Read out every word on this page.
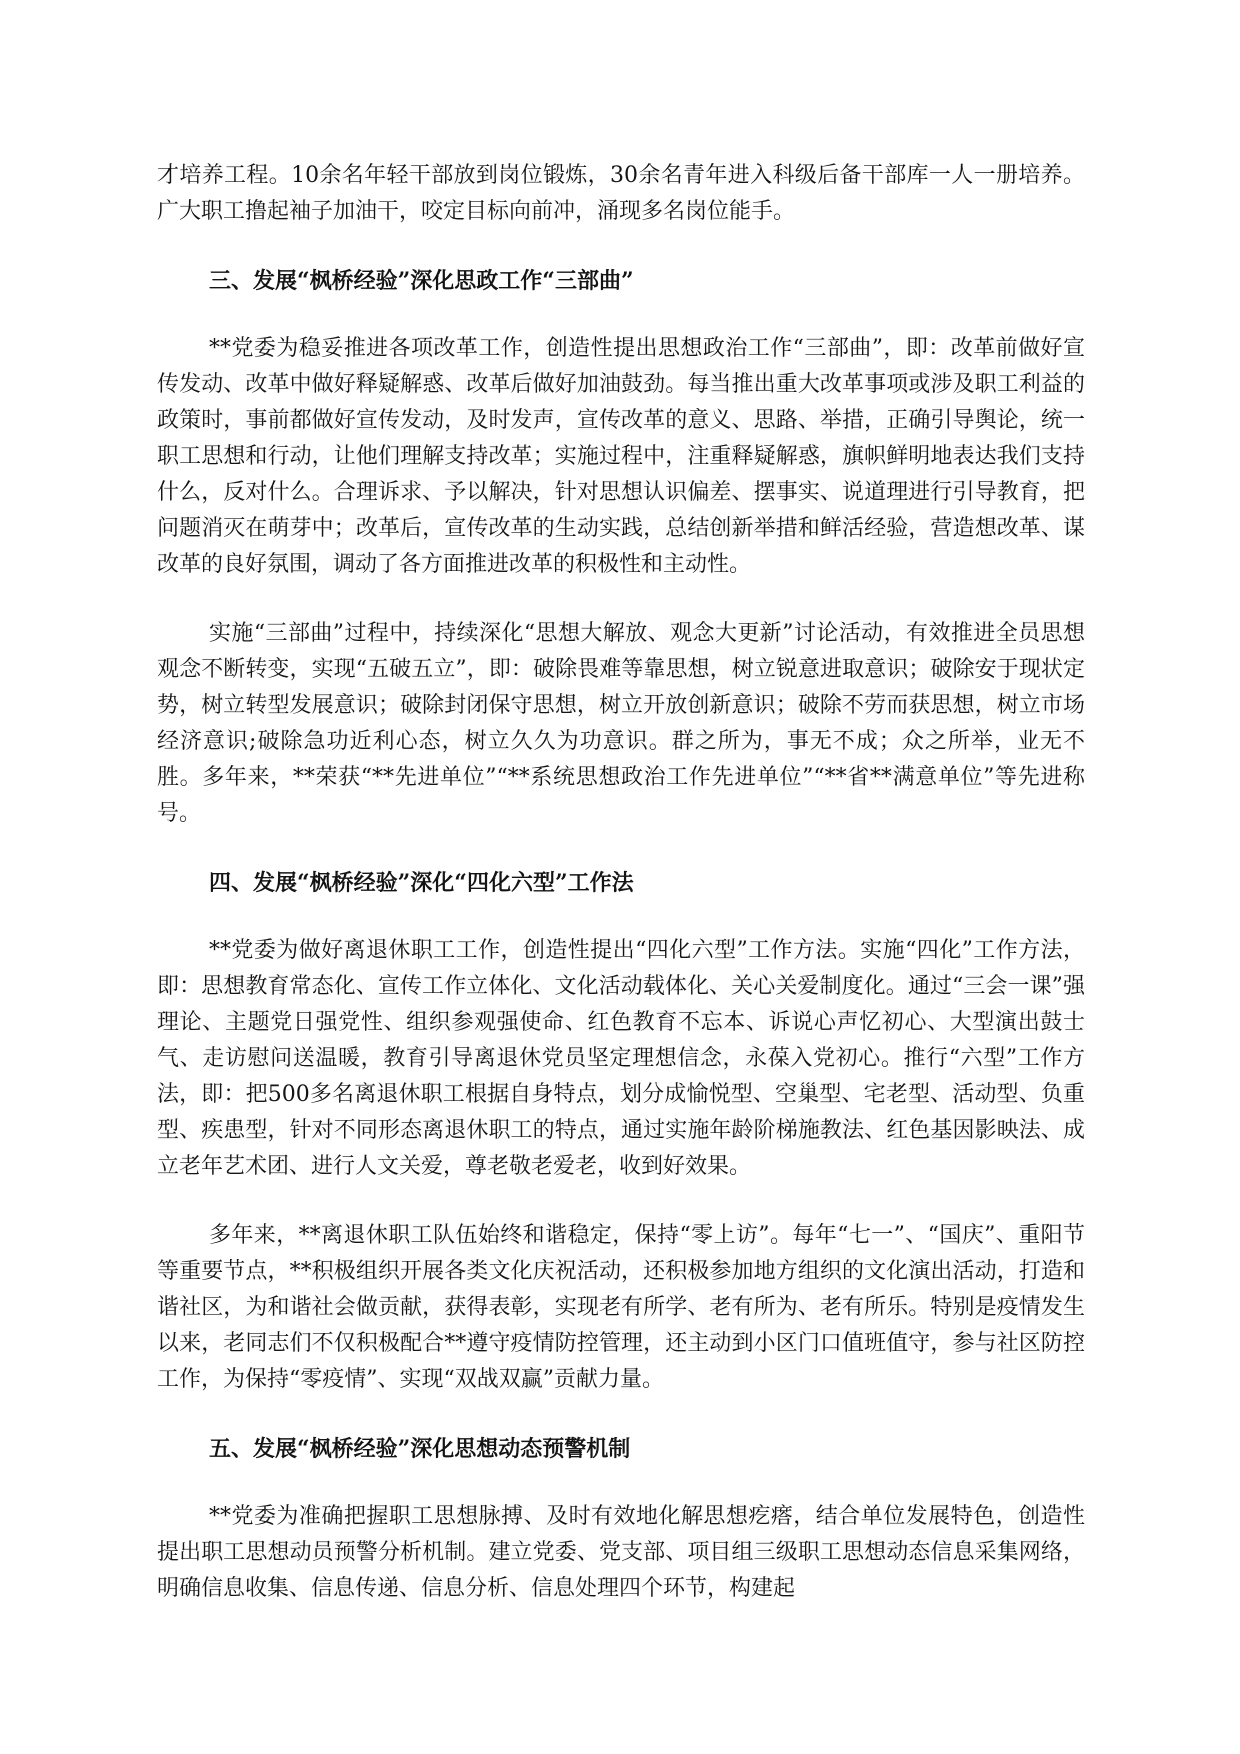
才培养工程。10余名年轻干部放到岗位锻炼，30余名青年进入科级后备干部库一人一册培养。广大职工撸起袖子加油干，咬定目标向前冲，涌现多名岗位能手。

三、发展“枫桥经验”深化思政工作“三部曲”

**党委为稳妥推进各项改革工作，创造性提出思想政治工作“三部曲”，即：改革前做好宣传发动、改革中做好释疑解惑、改革后做好加油鼓劲。每当推出重大改革事项或涉及职工利益的政策时，事前都做好宣传发动，及时发声，宣传改革的意义、思路、举措，正确引导舆论，统一职工思想和行动，让他们理解支持改革；实施过程中，注重释疑解惑，旗帜鲜明地表达我们支持什么，反对什么。合理诉求、予以解决，针对思想认识偏差、摆事实、说道理进行引导教育，把问题消灭在萌芽中；改革后，宣传改革的生动实践，总结创新举措和鲜活经验，营造想改革、谋改革的良好氛围，调动了各方面推进改革的积极性和主动性。

实施“三部曲”过程中，持续深化“思想大解放、观念大更新”讨论活动，有效推进全员思想观念不断转变，实现“五破五立”，即：破除畏难等靠思想，树立锐意进取意识；破除安于现状定势，树立转型发展意识；破除封闭保守思想，树立开放创新意识；破除不劳而获思想，树立市场经济意识;破除急功近利心态，树立久久为功意识。群之所为，事无不成；众之所举，业无不胜。多年来，**荣获“**先进单位”“**系统思想政治工作先进单位”“**省**满意单位”等先进称号。

四、发展“枫桥经验”深化“四化六型”工作法

**党委为做好离退休职工工作，创造性提出“四化六型”工作方法。实施“四化”工作方法，即：思想教育常态化、宣传工作立体化、文化活动载体化、关心关爱制度化。通过“三会一课”强理论、主题党日强党性、组织参观强使命、红色教育不忘本、诉说心声忆初心、大型演出鼓士气、走访慰问送温暖，教育引导离退休党员坚定理想信念，永葆入党初心。推行“六型”工作方法，即：把500多名离退休职工根据自身特点，划分成愉悦型、空巢型、宅老型、活动型、负重型、疾患型，针对不同形态离退休职工的特点，通过实施年龄阶梯施教法、红色基因影映法、成立老年艺术团、进行人文关爱，尊老敬老爱老，收到好效果。

多年来，**离退休职工队伍始终和谐稳定，保持“零上访”。每年“七一”、“国庆”、重阳节等重要节点，**积极组织开展各类文化庆祝活动，还积极参加地方组织的文化演出活动，打造和谐社区，为和谐社会做贡献，获得表彰，实现老有所学、老有所为、老有所乐。特别是疫情发生以来，老同志们不仅积极配合**遵守疫情防控管理，还主动到小区门口值班值守，参与社区防控工作，为保持“零疫情”、实现“双战双赢”贡献力量。

五、发展“枫桥经验”深化思想动态预警机制

**党委为准确把握职工思想脉搏、及时有效地化解思想疙瘩，结合单位发展特色，创造性提出职工思想动员预警分析机制。建立党委、党支部、项目组三级职工思想动态信息采集网络，明确信息收集、信息传递、信息分析、信息处理四个环节，构建起
